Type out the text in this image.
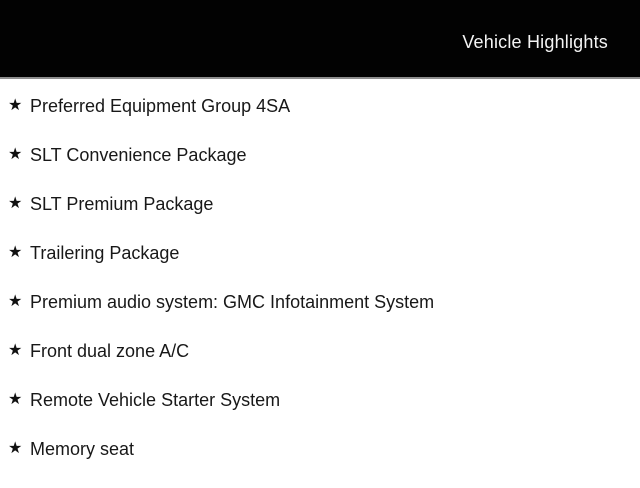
Vehicle Highlights
★ Preferred Equipment Group 4SA
★ SLT Convenience Package
★ SLT Premium Package
★ Trailering Package
★ Premium audio system: GMC Infotainment System
★ Front dual zone A/C
★ Remote Vehicle Starter System
★ Memory seat
